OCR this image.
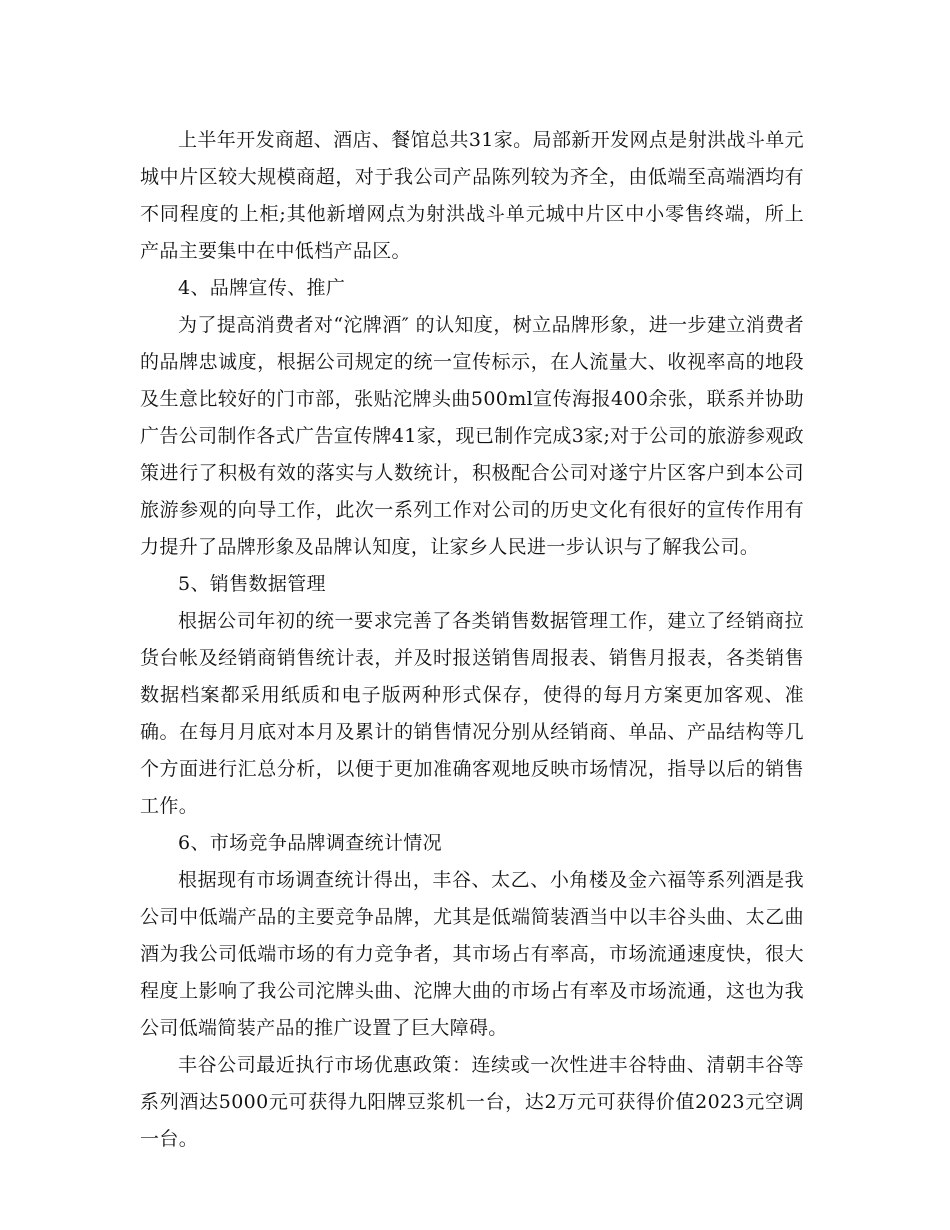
上半年开发商超、酒店、餐馆总共31家。局部新开发网点是射洪战斗单元城中片区较大规模商超，对于我公司产品陈列较为齐全，由低端至高端酒均有不同程度的上柜;其他新增网点为射洪战斗单元城中片区中小零售终端，所上产品主要集中在中低档产品区。

4、品牌宣传、推广

为了提高消费者对“沱牌酒″ 的认知度，树立品牌形象，进一步建立消费者的品牌忠诚度，根据公司规定的统一宣传标示，在人流量大、收视率高的地段及生意比较好的门市部，张贴沱牌头曲500ml宣传海报400余张，联系并协助广告公司制作各式广告宣传牌41家，现已制作完成3家;对于公司的旅游参观政策进行了积极有效的落实与人数统计，积极配合公司对遂宁片区客户到本公司旅游参观的向导工作，此次一系列工作对公司的历史文化有很好的宣传作用有力提升了品牌形象及品牌认知度，让家乡人民进一步认识与了解我公司。

5、销售数据管理

根据公司年初的统一要求完善了各类销售数据管理工作，建立了经销商拉货台帐及经销商销售统计表，并及时报送销售周报表、销售月报表，各类销售数据档案都采用纸质和电子版两种形式保存，使得的每月方案更加客观、准确。在每月月底对本月及累计的销售情况分别从经销商、单品、产品结构等几个方面进行汇总分析，以便于更加准确客观地反映市场情况，指导以后的销售工作。

6、市场竞争品牌调查统计情况

根据现有市场调查统计得出，丰谷、太乙、小角楼及金六福等系列酒是我公司中低端产品的主要竞争品牌，尤其是低端简装酒当中以丰谷头曲、太乙曲酒为我公司低端市场的有力竞争者，其市场占有率高，市场流通速度快，很大程度上影响了我公司沱牌头曲、沱牌大曲的市场占有率及市场流通，这也为我公司低端简装产品的推广设置了巨大障碍。

丰谷公司最近执行市场优惠政策：连续或一次性进丰谷特曲、清朝丰谷等系列酒达5000元可获得九阳牌豆浆机一台，达2万元可获得价值2023元空调一台。
